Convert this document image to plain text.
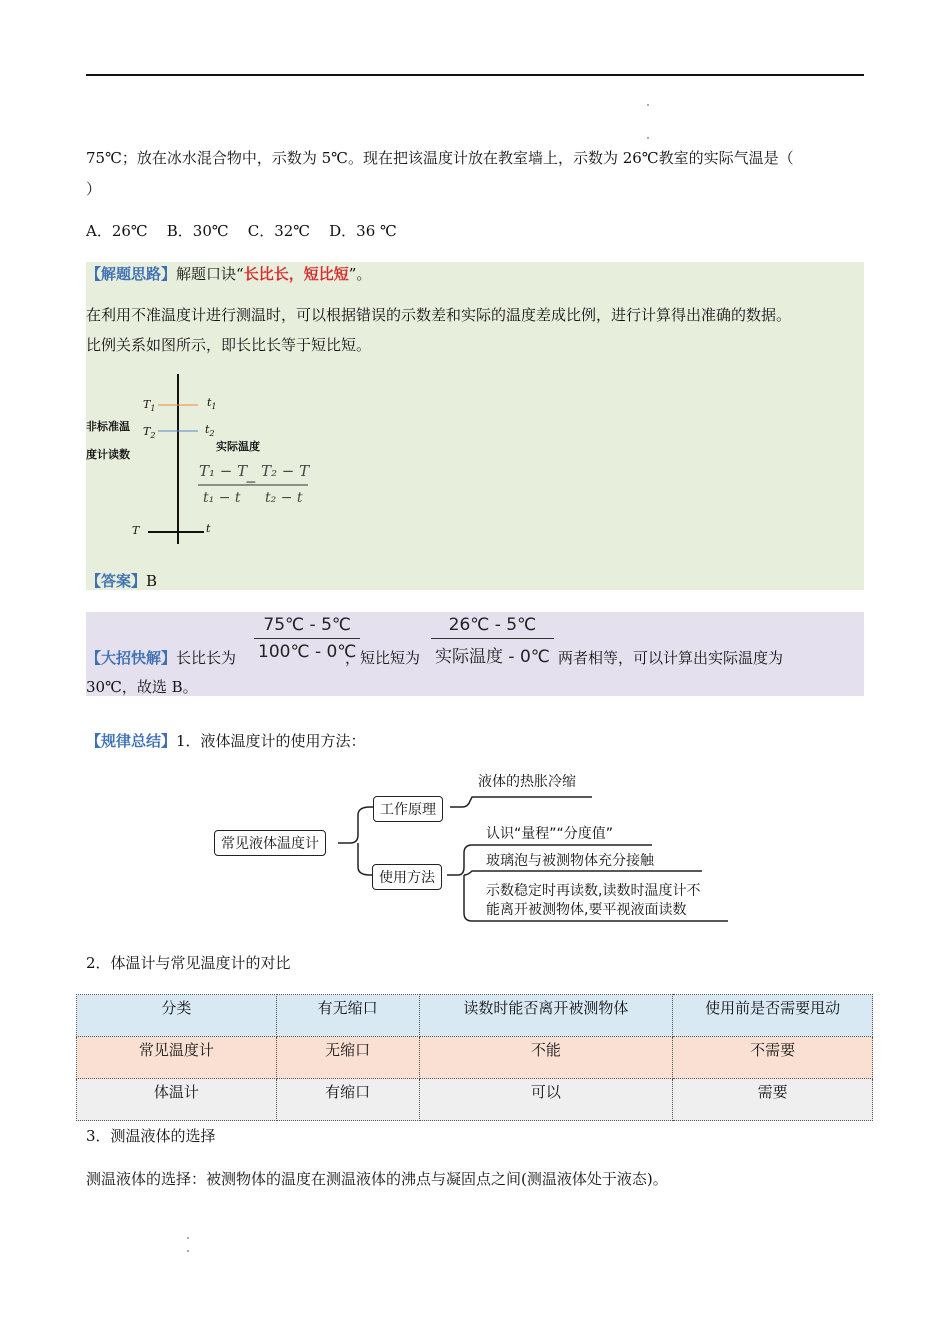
75℃；放在冰水混合物中，示数为 5℃。现在把该温度计放在教室墙上，示数为 26℃教室的实际气温是（
）
A．26℃    B．30℃    C．32℃    D．36 ℃
【解题思路】解题口诀“长比长，短比短”。
在利用不准温度计进行测温时，可以根据错误的示数差和实际的温度差成比例，进行计算得出准确的数据。
比例关系如图所示，即长比长等于短比短。
非标准温
度计读数
$T_1$
$T_2$
$t_1$
$t_2$
实际温度
T	t
T₁ − T
t₁ − t
=
T₂ − T
t₂ − t
【答案】B
【大招快解】长比长为
75℃ - 5℃
100℃ - 0℃
，短比短为
26℃ - 5℃
实际温度 - 0℃ 两者相等，可以计算出实际温度为
30℃，故选 B。
【规律总结】1．液体温度计的使用方法：
常见液体温度计
工作原理
使用方法
液体的热胀冷缩
认识“量程”“分度值”
玻璃泡与被测物体充分接触
示数稳定时再读数,读数时温度计不
能离开被测物体,要平视液面读数
2．体温计与常见温度计的对比
分类	有无缩口	读数时能否离开被测物体	使用前是否需要甩动
常见温度计	无缩口	不能	不需要
体温计	有缩口	可以	需要
3．测温液体的选择
测温液体的选择：被测物体的温度在测温液体的沸点与凝固点之间(测温液体处于液态)。
